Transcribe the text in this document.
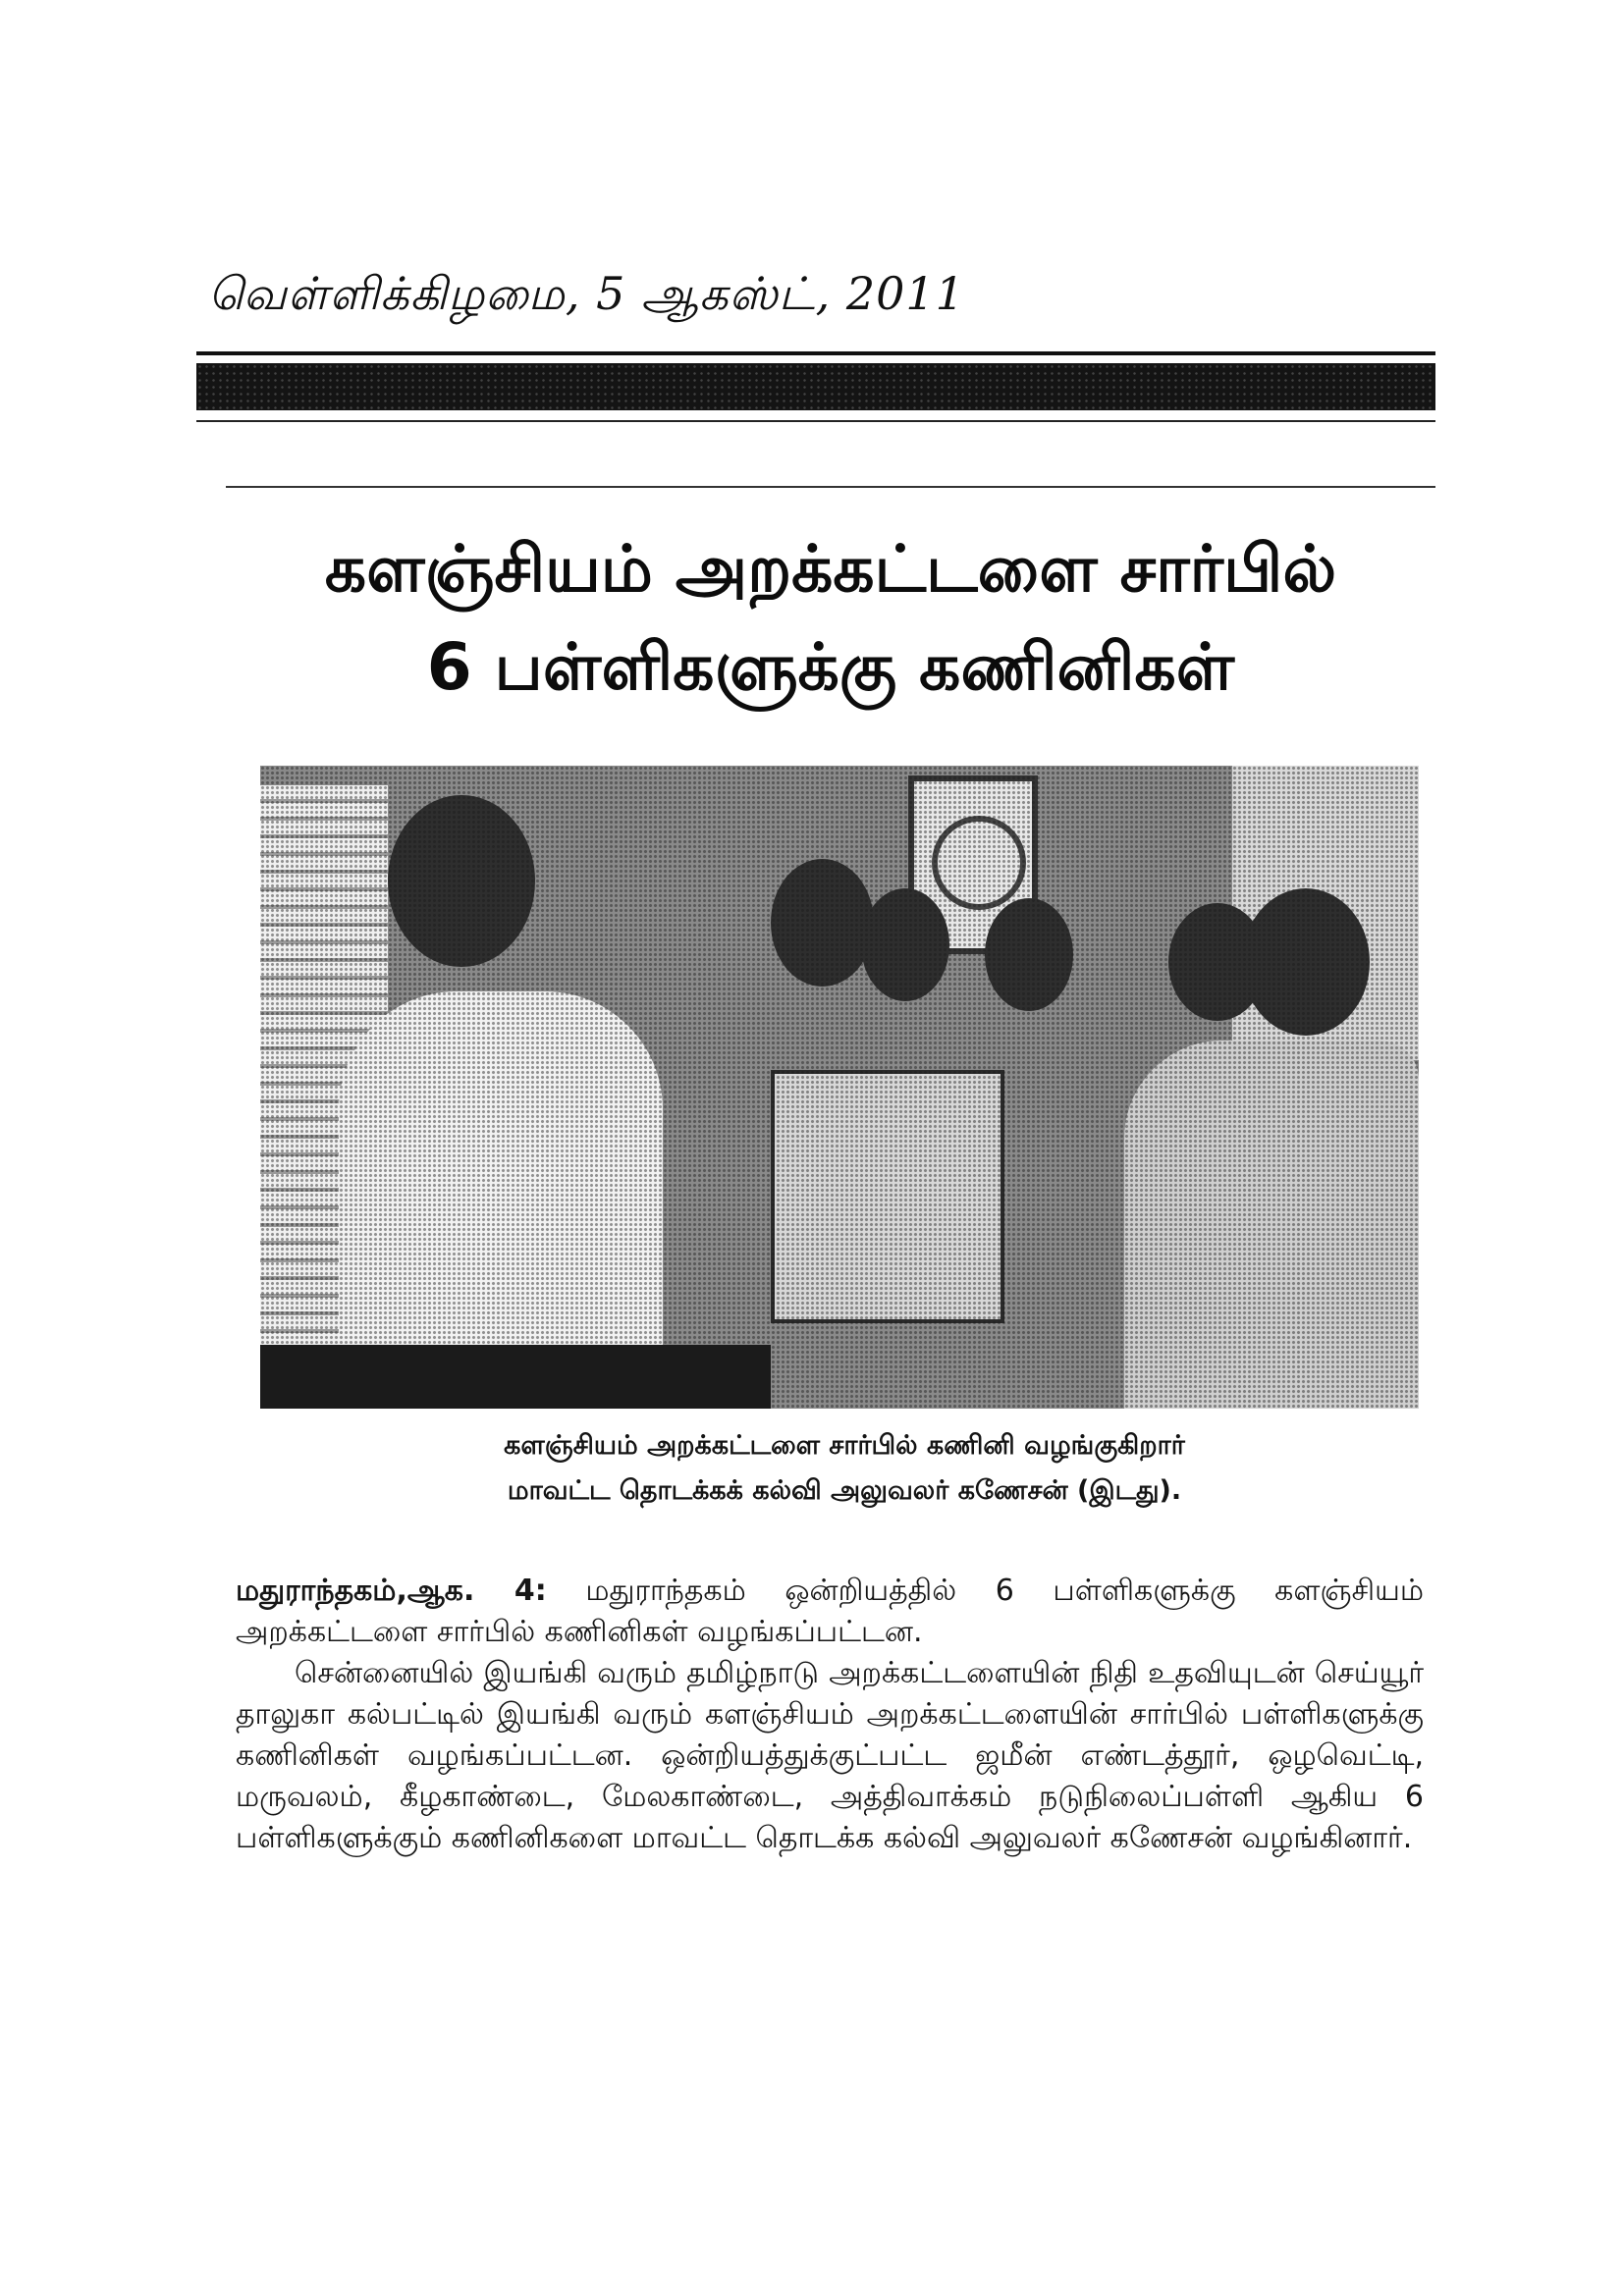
வெள்ளிக்கிழமை, 5 ஆகஸ்ட், 2011
களஞ்சியம் அறக்கட்டளை சார்பில்
6 பள்ளிகளுக்கு கணினிகள்
களஞ்சியம் அறக்கட்டளை சார்பில் கணினி வழங்குகிறார்
மாவட்ட தொடக்கக் கல்வி அலுவலர் கணேசன் (இடது).

மதுராந்தகம்,ஆக. 4: மதுராந்தகம் ஒன்றியத்தில் 6 பள்ளிகளுக்கு களஞ்சியம் அறக்கட்டளை சார்பில் கணினிகள் வழங்கப்பட்டன.

சென்னையில் இயங்கி வரும் தமிழ்நாடு அறக்கட்டளையின் நிதி உதவியுடன் செய்யூர் தாலுகா கல்பட்டில் இயங்கி வரும் களஞ்சியம் அறக்கட்டளையின் சார்பில் பள்ளிகளுக்கு கணினிகள் வழங்கப்பட்டன. ஒன்றியத்துக்குட்பட்ட ஜமீன் எண்டத்தூர், ஒழவெட்டி, மருவலம், கீழகாண்டை, மேலகாண்டை, அத்திவாக்கம் நடுநிலைப்பள்ளி ஆகிய 6 பள்ளிகளுக்கும் கணினிகளை மாவட்ட தொடக்க கல்வி அலுவலர் கணேசன் வழங்கினார்.
